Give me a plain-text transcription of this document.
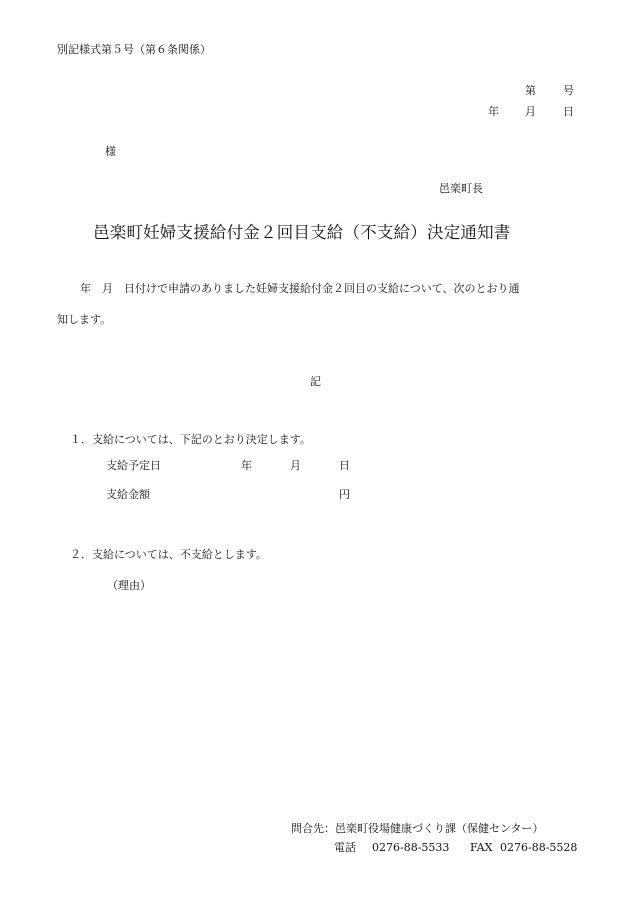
別記様式第５号（第６条関係）
第 号
年 月 日
様
邑楽町長
邑楽町妊婦支援給付金２回目支給（不支給）決定通知書
年　月　日付けで申請のありました妊婦支援給付金２回目の支給について、次のとおり通
知します。
記
１．支給については、下記のとおり決定します。
支給予定日	年	月	日
支給金額	円
２．支給については、不支給とします。
（理由）
問合先：邑楽町役場健康づくり課（保健センター）
電話 0276-88-5533 FAX 0276-88-5528
